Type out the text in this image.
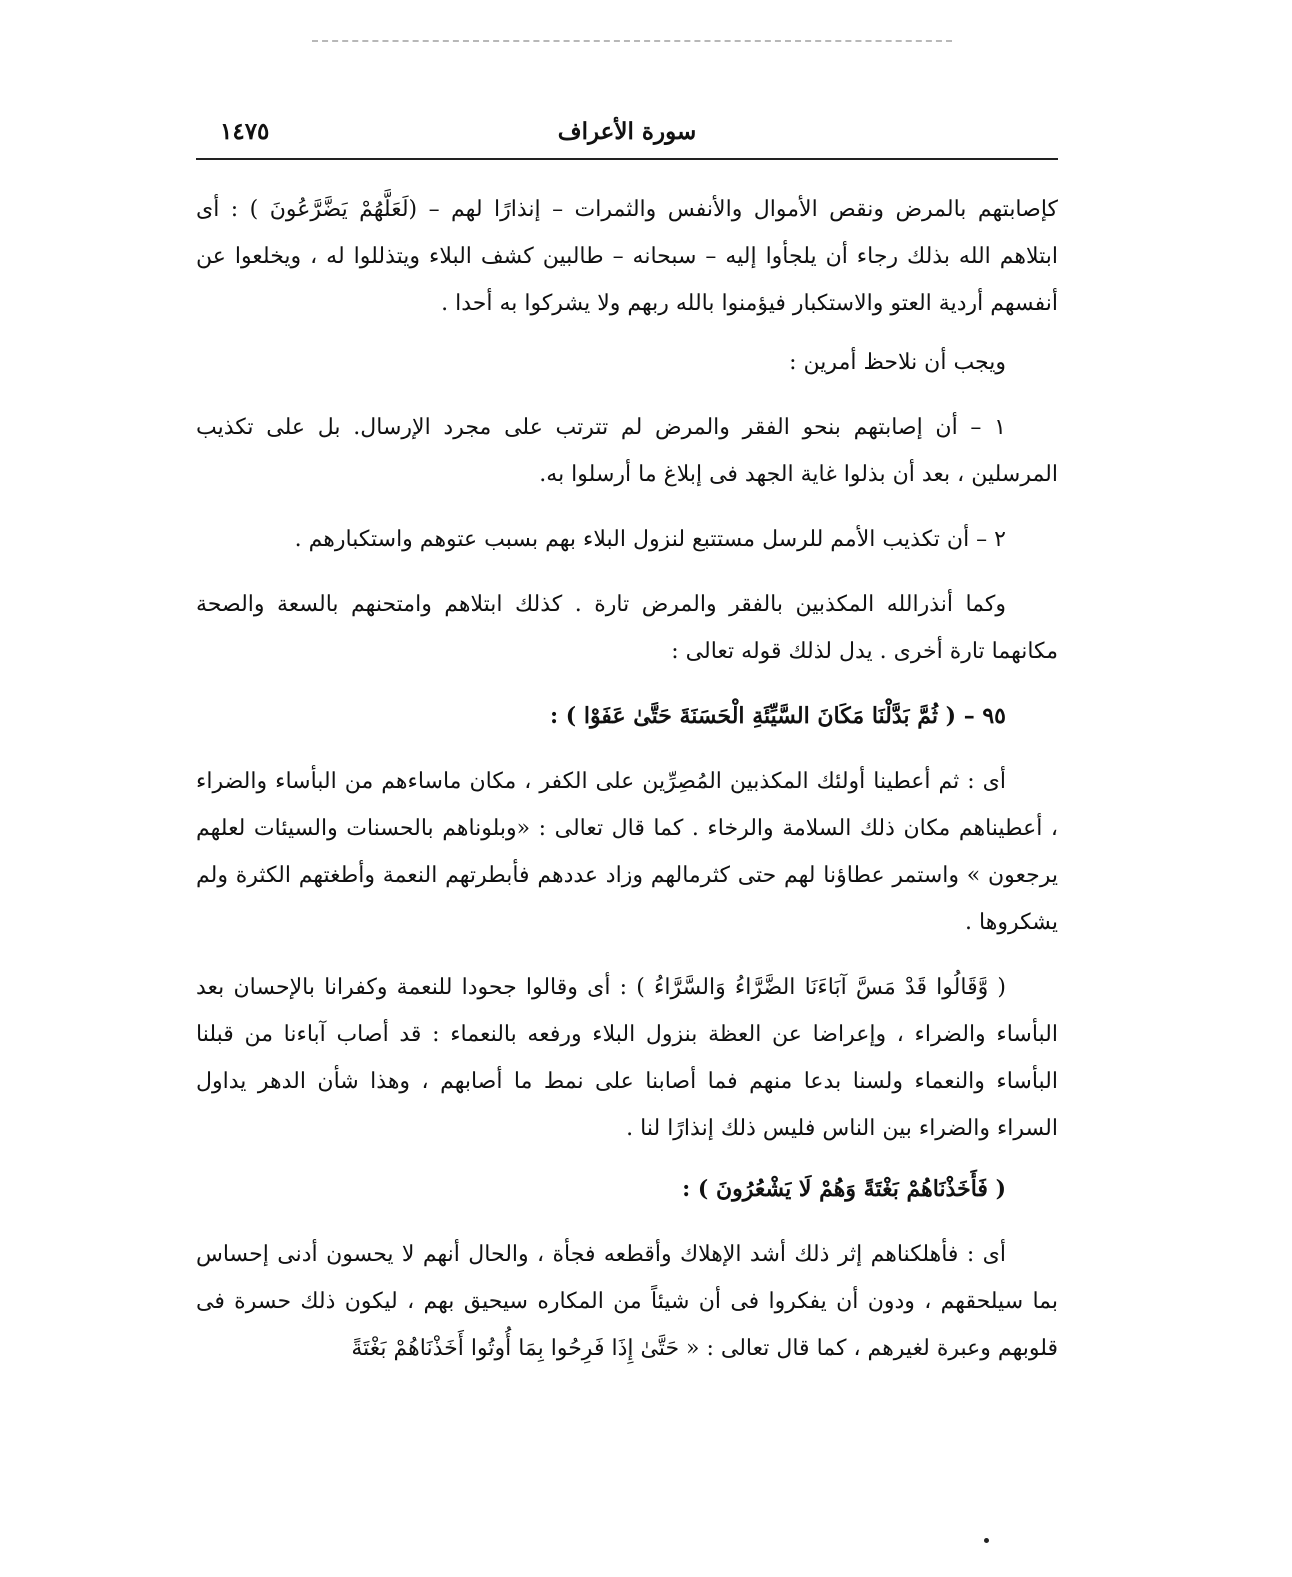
سورة الأعراف
١٤٧٥

كإصابتهم بالمرض ونقص الأموال والأنفس والثمرات – إنذارًا لهم – (لَعَلَّهُمْ يَضَّرَّعُونَ ) : أى ابتلاهم الله بذلك رجاء أن يلجأوا إليه – سبحانه – طالبين كشف البلاء ويتذللوا له ، ويخلعوا عن أنفسهم أردية العتو والاستكبار فيؤمنوا بالله ربهم ولا يشركوا به أحدا .

ويجب أن نلاحظ أمرين :

١ – أن إصابتهم بنحو الفقر والمرض لم تترتب على مجرد الإرسال. بل على تكذيب المرسلين ، بعد أن بذلوا غاية الجهد فى إبلاغ ما أرسلوا به.

٢ – أن تكذيب الأمم للرسل مستتبع لنزول البلاء بهم بسبب عتوهم واستكبارهم .

وكما أنذرالله المكذبين بالفقر والمرض تارة . كذلك ابتلاهم وامتحنهم بالسعة والصحة مكانهما تارة أخرى . يدل لذلك قوله تعالى :

٩٥ – ( ثُمَّ بَدَّلْنَا مَكَانَ السَّيِّئَةِ الْحَسَنَةَ حَتَّىٰ عَفَوْا ) :

أى : ثم أعطينا أولئك المكذبين المُصِرِّين على الكفر ، مكان ماساءهم من البأساء والضراء ، أعطيناهم مكان ذلك السلامة والرخاء . كما قال تعالى : «وبلوناهم بالحسنات والسيئات لعلهم يرجعون » واستمر عطاؤنا لهم حتى كثرمالهم وزاد عددهم فأبطرتهم النعمة وأطغتهم الكثرة ولم يشكروها .

( وَّقَالُوا قَدْ مَسَّ آبَاءَنَا الضَّرَّاءُ وَالسَّرَّاءُ ) : أى وقالوا جحودا للنعمة وكفرانا بالإحسان بعد البأساء والضراء ، وإعراضا عن العظة بنزول البلاء ورفعه بالنعماء : قد أصاب آباءنا من قبلنا البأساء والنعماء ولسنا بدعا منهم فما أصابنا على نمط ما أصابهم ، وهذا شأن الدهر يداول السراء والضراء بين الناس فليس ذلك إنذارًا لنا .

( فَأَخَذْنَاهُمْ بَغْتَةً وَهُمْ لَا يَشْعُرُونَ ) :

أى : فأهلكناهم إثر ذلك أشد الإهلاك وأقطعه فجأة ، والحال أنهم لا يحسون أدنى إحساس بما سيلحقهم ، ودون أن يفكروا فى أن شيئاً من المكاره سيحيق بهم ، ليكون ذلك حسرة فى قلوبهم وعبرة لغيرهم ، كما قال تعالى : « حَتَّىٰ إِذَا فَرِحُوا بِمَا أُوتُوا أَخَذْنَاهُمْ بَغْتَةً
